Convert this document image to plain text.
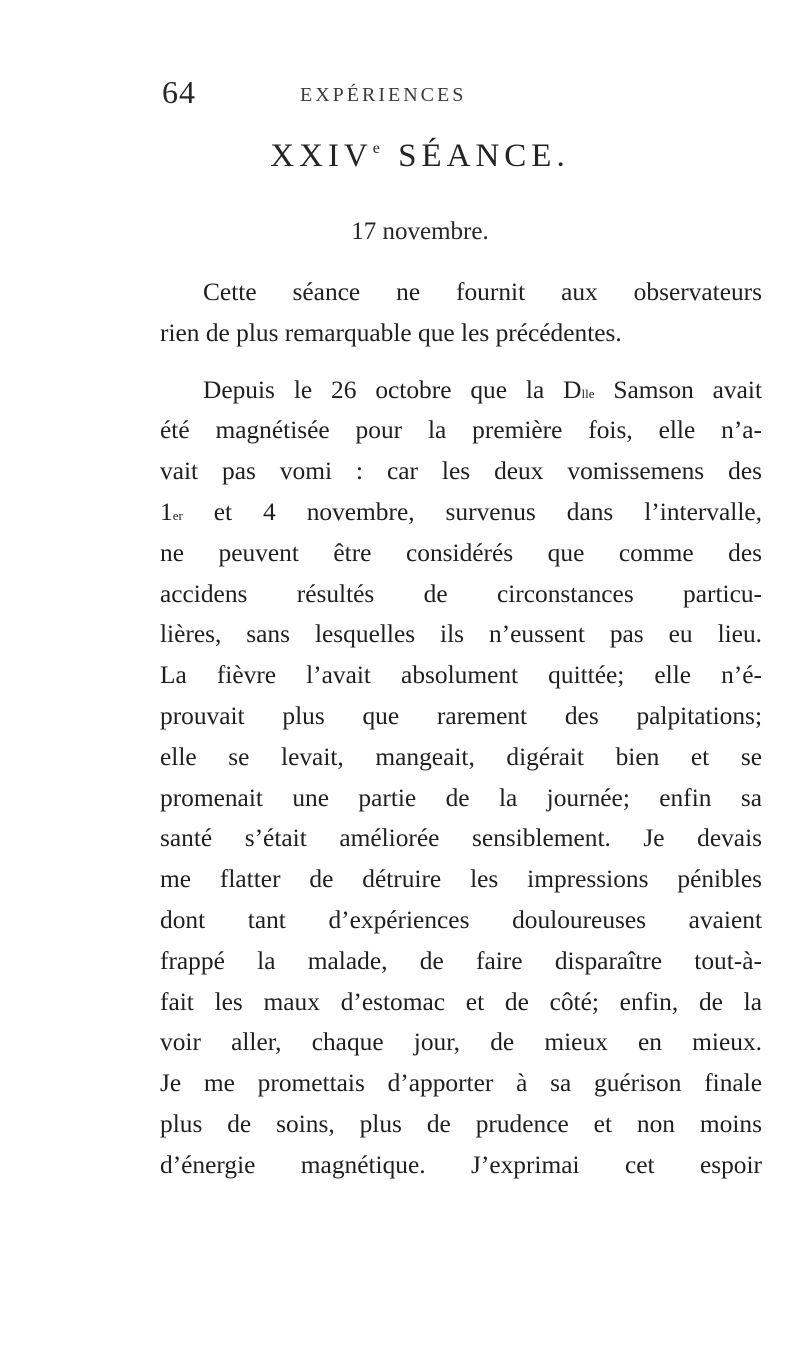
64	EXPÉRIENCES
XXIVe SÉANCE.
17 novembre.

Cette séance ne fournit aux observateurs
rien de plus remarquable que les précédentes.

Depuis le 26 octobre que la $D^{lle}$ Samson avait
été magnétisée pour la première fois, elle n’a-
vait pas vomi : car les deux vomissemens des
1er et 4 novembre, survenus dans l’intervalle,
ne peuvent être considérés que comme des
accidens résultés de circonstances particu-
lières, sans lesquelles ils n’eussent pas eu lieu.
La fièvre l’avait absolument quittée; elle n’é-
prouvait plus que rarement des palpitations;
elle se levait, mangeait, digérait bien et se
promenait une partie de la journée; enfin sa
santé s’était améliorée sensiblement. Je devais
me flatter de détruire les impressions pénibles
dont tant d’expériences douloureuses avaient
frappé la malade, de faire disparaître tout-à-
fait les maux d’estomac et de côté; enfin, de la
voir aller, chaque jour, de mieux en mieux.
Je me promettais d’apporter à sa guérison finale
plus de soins, plus de prudence et non moins
d’énergie magnétique. J’exprimai cet espoir
